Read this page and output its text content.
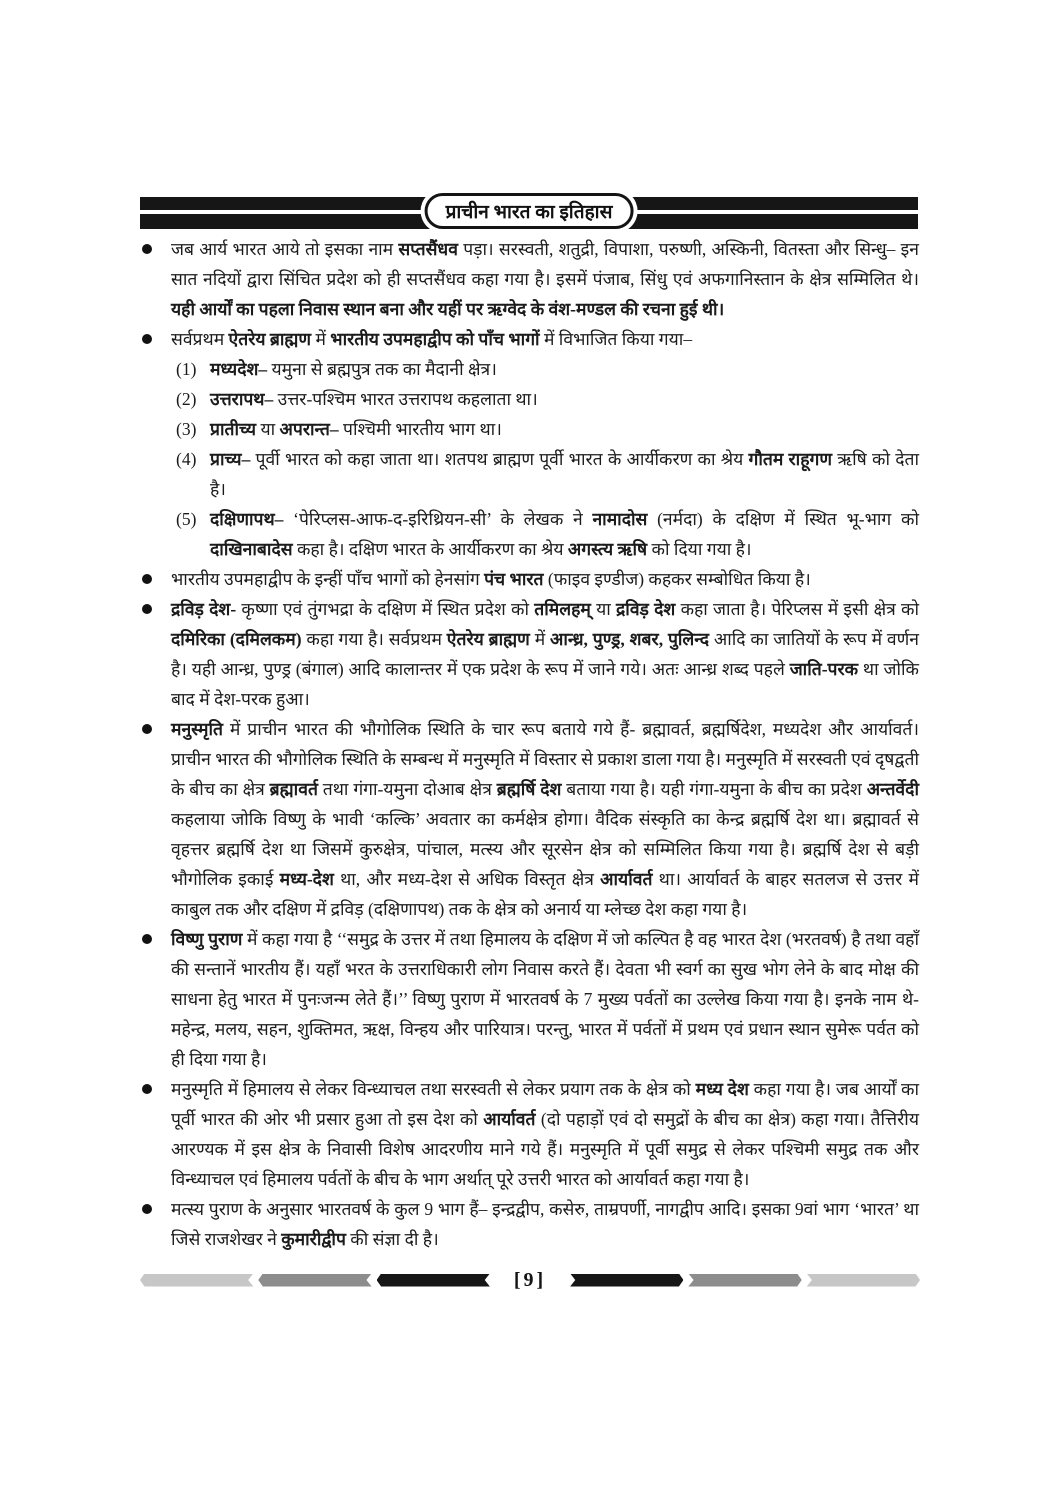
प्राचीन भारत का इतिहास
जब आर्य भारत आये तो इसका नाम सप्तसैंधव पड़ा। सरस्वती, शतुद्री, विपाशा, परुष्णी, अस्किनी, वितस्ता और सिन्धु– इन सात नदियों द्वारा सिंचित प्रदेश को ही सप्तसैंधव कहा गया है। इसमें पंजाब, सिंधु एवं अफगानिस्तान के क्षेत्र सम्मिलित थे। यही आर्यों का पहला निवास स्थान बना और यहीं पर ऋग्वेद के वंश-मण्डल की रचना हुई थी।
सर्वप्रथम ऐतरेय ब्राह्मण में भारतीय उपमहाद्वीप को पाँच भागों में विभाजित किया गया–
(1) मध्यदेश– यमुना से ब्रह्मपुत्र तक का मैदानी क्षेत्र।
(2) उत्तरापथ– उत्तर-पश्चिम भारत उत्तरापथ कहलाता था।
(3) प्रातीच्य या अपरान्त– पश्चिमी भारतीय भाग था।
(4) प्राच्य– पूर्वी भारत को कहा जाता था। शतपथ ब्राह्मण पूर्वी भारत के आर्यीकरण का श्रेय गौतम राहूगण ऋषि को देता है।
(5) दक्षिणापथ– ‘पेरिप्लस-आफ-द-इरिथ्रियन-सी’ के लेखक ने नामादोस (नर्मदा) के दक्षिण में स्थित भू-भाग को दाखिनाबादेस कहा है। दक्षिण भारत के आर्यीकरण का श्रेय अगस्त्य ऋषि को दिया गया है।
भारतीय उपमहाद्वीप के इन्हीं पाँच भागों को हेनसांग पंच भारत (फाइव इण्डीज) कहकर सम्बोधित किया है।
द्रविड़ देश- कृष्णा एवं तुंगभद्रा के दक्षिण में स्थित प्रदेश को तमिलहम् या द्रविड़ देश कहा जाता है। पेरिप्लस में इसी क्षेत्र को दमिरिका (दमिलकम) कहा गया है। सर्वप्रथम ऐतरेय ब्राह्मण में आन्ध्र, पुण्ड्र, शबर, पुलिन्द आदि का जातियों के रूप में वर्णन है। यही आन्ध्र, पुण्ड्र (बंगाल) आदि कालान्तर में एक प्रदेश के रूप में जाने गये। अतः आन्ध्र शब्द पहले जाति-परक था जोकि बाद में देश-परक हुआ।
मनुस्मृति में प्राचीन भारत की भौगोलिक स्थिति के चार रूप बताये गये हैं- ब्रह्मावर्त, ब्रह्मर्षिदेश, मध्यदेश और आर्यावर्त। प्राचीन भारत की भौगोलिक स्थिति के सम्बन्ध में मनुस्मृति में विस्तार से प्रकाश डाला गया है। मनुस्मृति में सरस्वती एवं दृषद्वती के बीच का क्षेत्र ब्रह्मावर्त तथा गंगा-यमुना दोआब क्षेत्र ब्रह्मर्षि देश बताया गया है। यही गंगा-यमुना के बीच का प्रदेश अन्तर्वेदी कहलाया जोकि विष्णु के भावी ‘कल्कि’ अवतार का कर्मक्षेत्र होगा। वैदिक संस्कृति का केन्द्र ब्रह्मर्षि देश था। ब्रह्मावर्त से वृहत्तर ब्रह्मर्षि देश था जिसमें कुरुक्षेत्र, पांचाल, मत्स्य और सूरसेन क्षेत्र को सम्मिलित किया गया है। ब्रह्मर्षि देश से बड़ी भौगोलिक इकाई मध्य-देश था, और मध्य-देश से अधिक विस्तृत क्षेत्र आर्यावर्त था। आर्यावर्त के बाहर सतलज से उत्तर में काबुल तक और दक्षिण में द्रविड़ (दक्षिणापथ) तक के क्षेत्र को अनार्य या म्लेच्छ देश कहा गया है।
विष्णु पुराण में कहा गया है ‘‘समुद्र के उत्तर में तथा हिमालय के दक्षिण में जो कल्पित है वह भारत देश (भरतवर्ष) है तथा वहाँ की सन्तानें भारतीय हैं। यहाँ भरत के उत्तराधिकारी लोग निवास करते हैं। देवता भी स्वर्ग का सुख भोग लेने के बाद मोक्ष की साधना हेतु भारत में पुनःजन्म लेते हैं।’’ विष्णु पुराण में भारतवर्ष के 7 मुख्य पर्वतों का उल्लेख किया गया है। इनके नाम थे- महेन्द्र, मलय, सहन, शुक्तिमत, ऋक्ष, विन्हय और पारियात्र। परन्तु, भारत में पर्वतों में प्रथम एवं प्रधान स्थान सुमेरू पर्वत को ही दिया गया है।
मनुस्मृति में हिमालय से लेकर विन्ध्याचल तथा सरस्वती से लेकर प्रयाग तक के क्षेत्र को मध्य देश कहा गया है। जब आर्यों का पूर्वी भारत की ओर भी प्रसार हुआ तो इस देश को आर्यावर्त (दो पहाड़ों एवं दो समुद्रों के बीच का क्षेत्र) कहा गया। तैत्तिरीय आरण्यक में इस क्षेत्र के निवासी विशेष आदरणीय माने गये हैं। मनुस्मृति में पूर्वी समुद्र से लेकर पश्चिमी समुद्र तक और विन्ध्याचल एवं हिमालय पर्वतों के बीच के भाग अर्थात् पूरे उत्तरी भारत को आर्यावर्त कहा गया है।
मत्स्य पुराण के अनुसार भारतवर्ष के कुल 9 भाग हैं– इन्द्रद्वीप, कसेरु, ताम्रपर्णी, नागद्वीप आदि। इसका 9वां भाग ‘भारत’ था जिसे राजशेखर ने कुमारीद्वीप की संज्ञा दी है।
[9]
